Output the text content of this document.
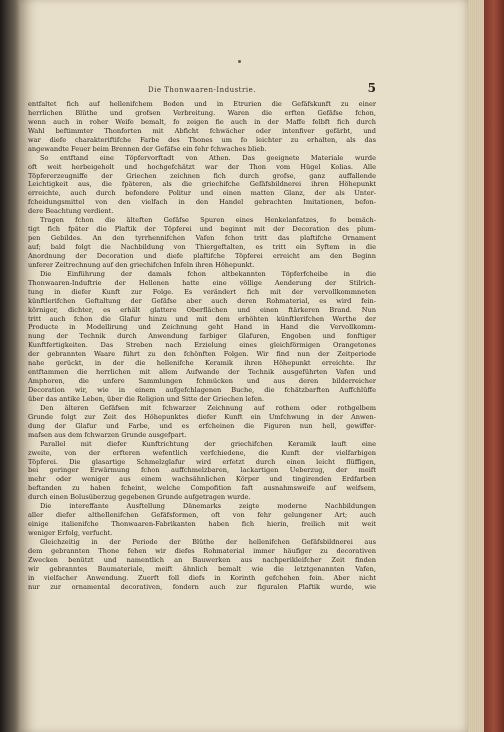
Die Thonwaaren-Industrie.	5
entfaltet fich auf hellenifchem Boden und in Etrurien die Gefäfskunft zu einer
herrlichen Blüthe und grofsen Verbreitung. Waren die erften Gefäfse fchon,
wenn auch in roher Weife bemalt, fo zeigen fie auch in der Maffe felbft fich durch
Wahl beftimmter Thonforten mit Abficht fchwächer oder intenfiver gefärbt, und
war diefe charakteriftifche Farbe des Thones um fo leichter zu erhalten, als das
angewandte Feuer beim Brennen der Gefäfse ein fehr fchwaches blieb.
So entftand eine Töpfervorftadt von Athen. Das geeignete Materiale wurde
oft weit herbeigeholt und hochgefchätzt war der Thon vom Hügel Kolias. Alle
Töpfererzeugniffe der Griechen zeichnen fich durch grofse, ganz auffallende
Leichtigkeit aus, die fpäteren, als die griechifche Gefäfsbildnerei ihren Höhepunkt
erreichte, auch durch befondere Politur und einen matten Glanz, der als Unter-
fcheidungsmittel von den vielfach in den Handel gebrachten Imitationen, befon-
dere Beachtung verdient.
Tragen fchon die älteften Gefäfse Spuren eines Henkelanfatzes, fo bemäch-
tigt fich fpäter die Plaftik der Töpferei und beginnt mit der Decoration des plum-
pen Gebildes. An den tyrrhennifchen Vafen fchon tritt das plaftifche Ornament
auf; bald folgt die Nachbildung von Thiergeftalten, es tritt ein Syftem in die
Anordnung der Decoration und diefe plaftifche Töpferei erreicht am den Beginn
unferer Zeitrechnung auf den griechifchen Infeln ihren Höhepunkt.
Die Einführung der damals fchon altbekannten Töpferfcheibe in die
Thonwaaren-Induftrie der Hellenen hatte eine völlige Aenderung der Stilrich-
tung in diefer Kunft zur Folge. Es verändert fich mit der vervollkommneten
künftlerifchen Geftaltung der Gefäfse aber auch deren Rohmaterial, es wird fein-
körniger, dichter, es erhält glattere Oberflächen und einen ftärkeren Brand. Nun
tritt auch fchon die Glafur hinzu und mit dem erhöhten künftlerifchen Werthe der
Producte in Modellirung und Zeichnung geht Hand in Hand die Vervollkomm-
nung der Technik durch Anwendung farbiger Glafuren, Engoben und fonftiger
Kunftfertigkeiten. Das Streben nach Erzielung eines gleichförmigen Orangetones
der gebrannten Waare führt zu den fchönften Folgen. Wir find nun der Zeitperiode
nahe gerückt, in der die hellenifche Keramik ihren Höhepunkt erreichte. Ihr
entftammen die herrlichen mit allem Aufwande der Technik ausgeführten Vafen und
Amphoren, die unfere Sammlungen fchmücken und aus deren bilderreicher
Decoration wir, wie in einem aufgefchlagenen Buche, die fchätzbarften Auffchlüffe
über das antike Leben, über die Religion und Sitte der Griechen lefen.
Den älteren Gefäfsen mit fchwarzer Zeichnung auf rothem oder rothgelbem
Grunde folgt zur Zeit des Höhepunktes diefer Kunft ein Umfchwung in der Anwen-
dung der Glafur und Farbe, und es erfcheinen die Figuren nun hell, gewiffer-
mafsen aus dem fchwarzen Grunde ausgefpart.
Parallel mit diefer Kunftrichtung der griechifchen Keramik lauft eine
zweite, von der erfteren wefentlich verfchiedene, die Kunft der vielfarbigen
Töpferei. Die glasartige Schmelzglafur wird erfetzt durch einen leicht flüffigen,
bei geringer Erwärmung fchon auffchmelzbaren, lackartigen Ueberzug, der meift
mehr oder weniger aus einem wachsähnlichen Körper und tingirenden Erdfarben
beftanden zu haben fcheint, welche Compofition faft ausnahmsweife auf weifsem,
durch einen Bolusüberzug gegebenen Grunde aufgetragen wurde.
Die intereffante Ausftellung Dänemarks zeigte moderne Nachbildungen
aller diefer altheIlenifchen Gefäfsformen, oft von fehr gelungener Art; auch
einige italienifche Thonwaaren-Fabrikanten haben fich hierin, freilich mit weit
weniger Erfolg, verfucht.
Gleichzeitig in der Periode der Blüthe der hellenifchen Gefäfsbildnerei aus
dem gebrannten Thone fehen wir diefes Rohmaterial immer häufiger zu decorativen
Zwecken benützt und namentlich an Bauwerken aus nachperikleifcher Zeit finden
wir gebranntes Baumateriale, meift ähnlich bemalt wie die letztgenannten Vafen,
in vielfacher Anwendung. Zuerft foll diefs in Korinth gefchehen fein. Aber nicht
nur zur ornamental decorativen, fondern auch zur figuralen Plaftik wurde, wie
